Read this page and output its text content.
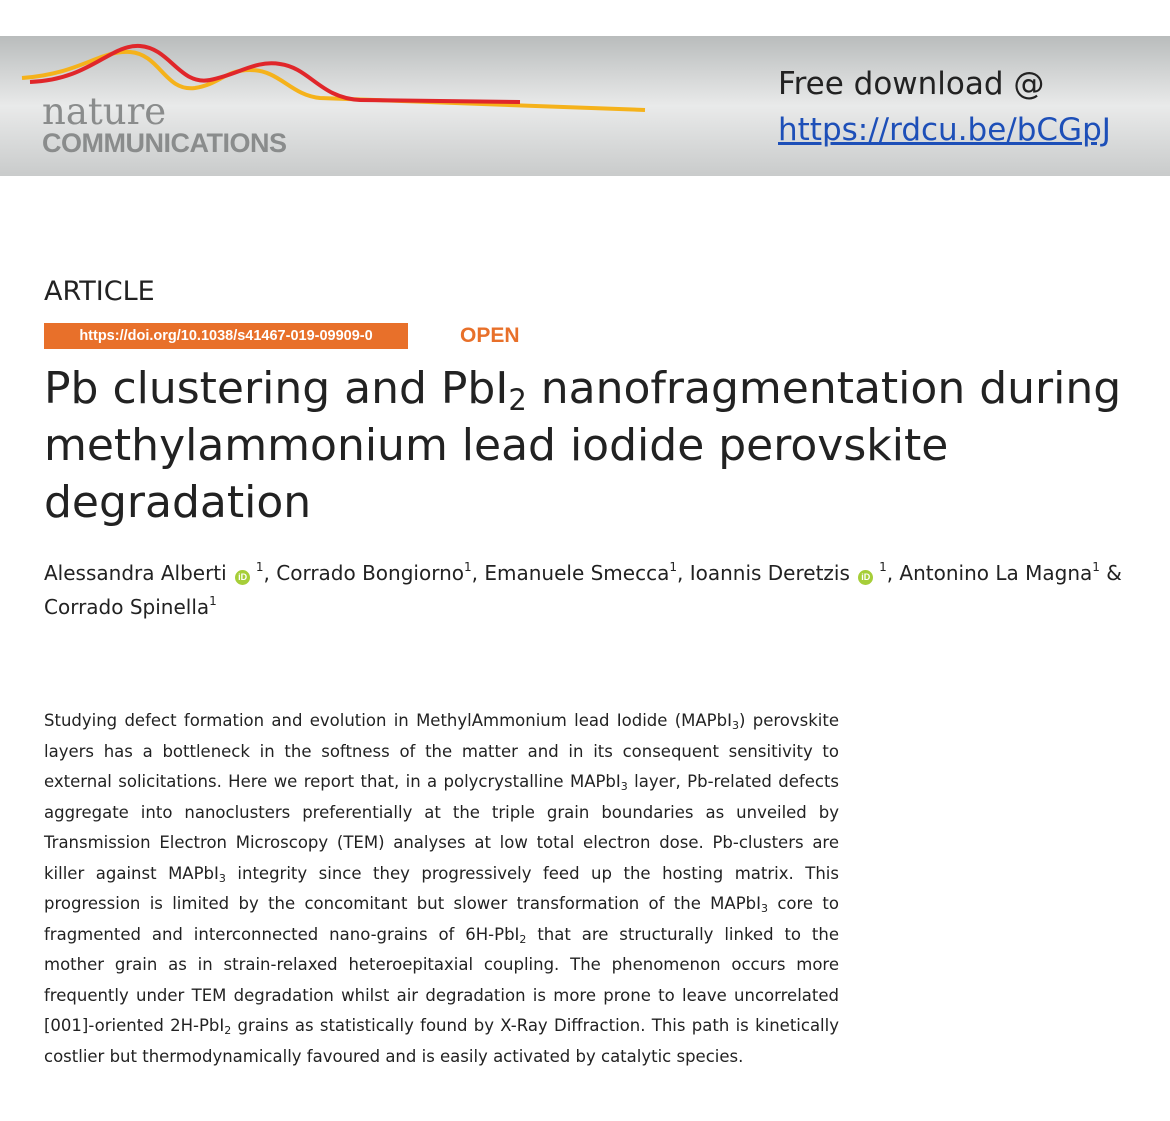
nature
COMMUNICATIONS
Free download @
https://rdcu.be/bCGpJ
ARTICLE
https://doi.org/10.1038/s41467-019-09909-0	OPEN
Pb clustering and PbI$_2$ nanofragmentation during methylammonium lead iodide perovskite degradation
Alessandra Alberti iD $^1$, Corrado Bongiorno$^1$, Emanuele Smecca$^1$, Ioannis Deretzis iD $^1$, Antonino La Magna$^1$ & Corrado Spinella$^1$

Studying defect formation and evolution in MethylAmmonium lead Iodide (MAPbI$_3$) perovskite layers has a bottleneck in the softness of the matter and in its consequent sensitivity to external solicitations. Here we report that, in a polycrystalline MAPbI$_3$ layer, Pb-related defects aggregate into nanoclusters preferentially at the triple grain boundaries as unveiled by Transmission Electron Microscopy (TEM) analyses at low total electron dose. Pb-clusters are killer against MAPbI$_3$ integrity since they progressively feed up the hosting matrix. This progression is limited by the concomitant but slower transformation of the MAPbI$_3$ core to fragmented and interconnected nano-grains of 6H-PbI$_2$ that are structurally linked to the mother grain as in strain-relaxed heteroepitaxial coupling. The phenomenon occurs more frequently under TEM degradation whilst air degradation is more prone to leave uncorrelated [001]-oriented 2H-PbI$_2$ grains as statistically found by X-Ray Diffraction. This path is kinetically costlier but thermodynamically favoured and is easily activated by catalytic species.
